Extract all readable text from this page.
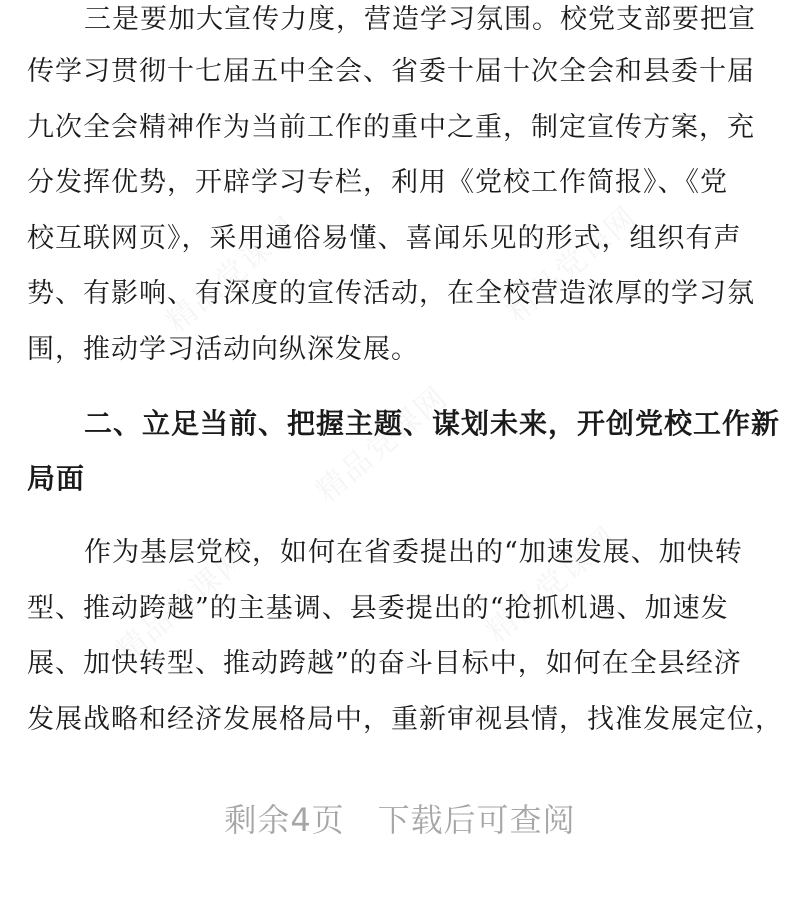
精品党课网	精品党课网
精品党课网
精品党课网	精品党课网
三是要加大宣传力度，营造学习氛围。校党支部要把宣
传学习贯彻十七届五中全会、省委十届十次全会和县委十届
九次全会精神作为当前工作的重中之重，制定宣传方案，充
分发挥优势，开辟学习专栏，利用《党校工作简报》、《党
校互联网页》，采用通俗易懂、喜闻乐见的形式，组织有声
势、有影响、有深度的宣传活动，在全校营造浓厚的学习氛
围，推动学习活动向纵深发展。
二、立足当前、把握主题、谋划未来，开创党校工作新
局面
作为基层党校，如何在省委提出的“加速发展、加快转
型、推动跨越”的主基调、县委提出的“抢抓机遇、加速发
展、加快转型、推动跨越”的奋斗目标中，如何在全县经济
发展战略和经济发展格局中，重新审视县情，找准发展定位，
剩余4页　下载后可查阅
